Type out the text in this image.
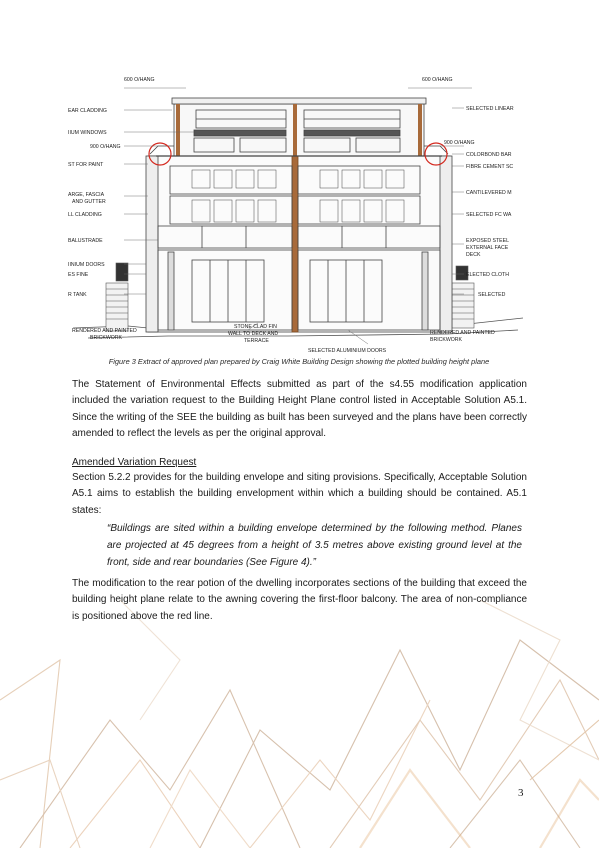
600 O/HANG	600 O/HANG
EAR CLADDING
IIUM WINDOWS
900 O/HANG
ST FOR PAINT
ARGE, FASCIA
AND GUTTER
LL CLADDING
BALUSTRADE
IINIUM DOORS
ES FINE
R TANK
RENDERED AND PAINTED
BRICKWORK
SELECTED LINEAR
900 O/HANG
COLORBOND BAR
FIBRE CEMENT SC
CANTILEVERED M
SELECTED FC WA
EXPOSED STEEL
EXTERNAL FACE
DECK
ELECTED CLOTH
SELECTED
RENDERED AND PAINTED
BRICKWORK
STONE CLAD FIN
WALL TO DECK AND
TERRACE
SELECTED ALUMINIUM DOORS
Figure 3 Extract of approved plan prepared by Craig White Building Design showing the plotted building height plane
The Statement of Environmental Effects submitted as part of the s4.55 modification application included the variation request to the Building Height Plane control listed in Acceptable Solution A5.1. Since the writing of the SEE the building as built has been surveyed and the plans have been correctly amended to reflect the levels as per the original approval.
Amended Variation Request
Section 5.2.2 provides for the building envelope and siting provisions. Specifically, Acceptable Solution A5.1 aims to establish the building envelopment within which a building should be contained. A5.1 states:
“Buildings are sited within a building envelope determined by the following method. Planes are projected at 45 degrees from a height of 3.5 metres above existing ground level at the front, side and rear boundaries (See Figure 4).”
The modification to the rear potion of the dwelling incorporates sections of the building that exceed the building height plane relate to the awning covering the first-floor balcony. The area of non-compliance is positioned above the red line.
3
